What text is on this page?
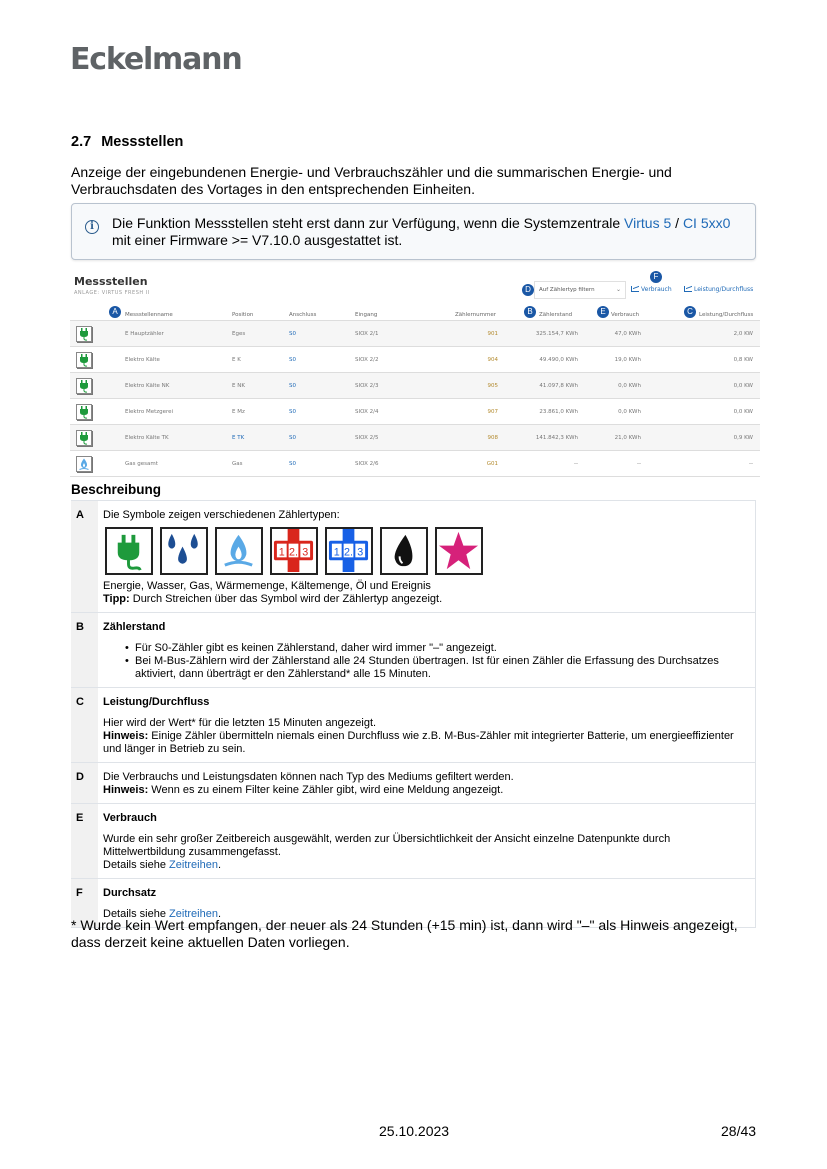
Eckelmann
2.7 Messstellen
Anzeige der eingebundenen Energie- und Verbrauchszähler und die summarischen Energie- und Verbrauchsdaten des Vortages in den entsprechenden Einheiten.
i	Die Funktion Messstellen steht erst dann zur Verfügung, wenn die Systemzentrale Virtus 5 / CI 5xx0 mit einer Firmware >= V7.10.0 ausgestattet ist.
Messstellen
ANLAGE: VIRTUS FRESH II	D	Auf Zählertyp filtern	⌄
F
Verbrauch	Leistung/Durchfluss
A	Messstellenname	Position	Anschluss	Eingang	Zählernummer	B	Zählerstand	E Verbrauch	C	Leistung/Durchfluss
E Hauptzähler	Eges	S0	SIOX 2/1	901	325.154,7 KWh	47,0 KWh	2,0 KW
Elektro Kälte	E K	S0	SIOX 2/2	904	49.490,0 KWh	19,0 KWh	0,8 KW
Elektro Kälte NK	E NK	S0	SIOX 2/3	905	41.097,8 KWh	0,0 KWh	0,0 KW
Elektro Metzgerei	E Mz	S0	SIOX 2/4	907	23.861,0 KWh	0,0 KWh	0,0 KW
Elektro Kälte TK	E TK	S0	SIOX 2/5	908	141.842,3 KWh	21,0 KWh	0,9 KW
Gas gesamt	Gas	S0	SIOX 2/6	G01	--	--	--
Beschreibung
A	Die Symbole zeigen verschiedenen Zählertypen:
1 2. 3 1 2. 3
Energie, Wasser, Gas, Wärmemenge, Kältemenge, Öl und Ereignis
Tipp: Durch Streichen über das Symbol wird der Zählertyp angezeigt.

B	Zählerstand
• Für S0-Zähler gibt es keinen Zählerstand, daher wird immer "–" angezeigt.
• Bei M-Bus-Zählern wird der Zählerstand alle 24 Stunden übertragen. Ist für einen Zähler die Erfassung des Durchsatzes aktiviert, dann überträgt er den Zählerstand* alle 15 Minuten.

C	Leistung/Durchfluss
Hier wird der Wert* für die letzten 15 Minuten angezeigt.
Hinweis: Einige Zähler übermitteln niemals einen Durchfluss wie z.B. M-Bus-Zähler mit integrierter Batterie, um energieeffizienter und länger in Betrieb zu sein.

D	Die Verbrauchs und Leistungsdaten können nach Typ des Mediums gefiltert werden.
Hinweis: Wenn es zu einem Filter keine Zähler gibt, wird eine Meldung angezeigt.

E	Verbrauch
Wurde ein sehr großer Zeitbereich ausgewählt, werden zur Übersichtlichkeit der Ansicht einzelne Datenpunkte durch Mittelwertbildung zusammengefasst.
Details siehe Zeitreihen.

F	Durchsatz
Details siehe Zeitreihen.
* Wurde kein Wert empfangen, der neuer als 24 Stunden (+15 min) ist, dann wird "–" als Hinweis angezeigt, dass derzeit keine aktuellen Daten vorliegen.
25.10.2023	28/43
